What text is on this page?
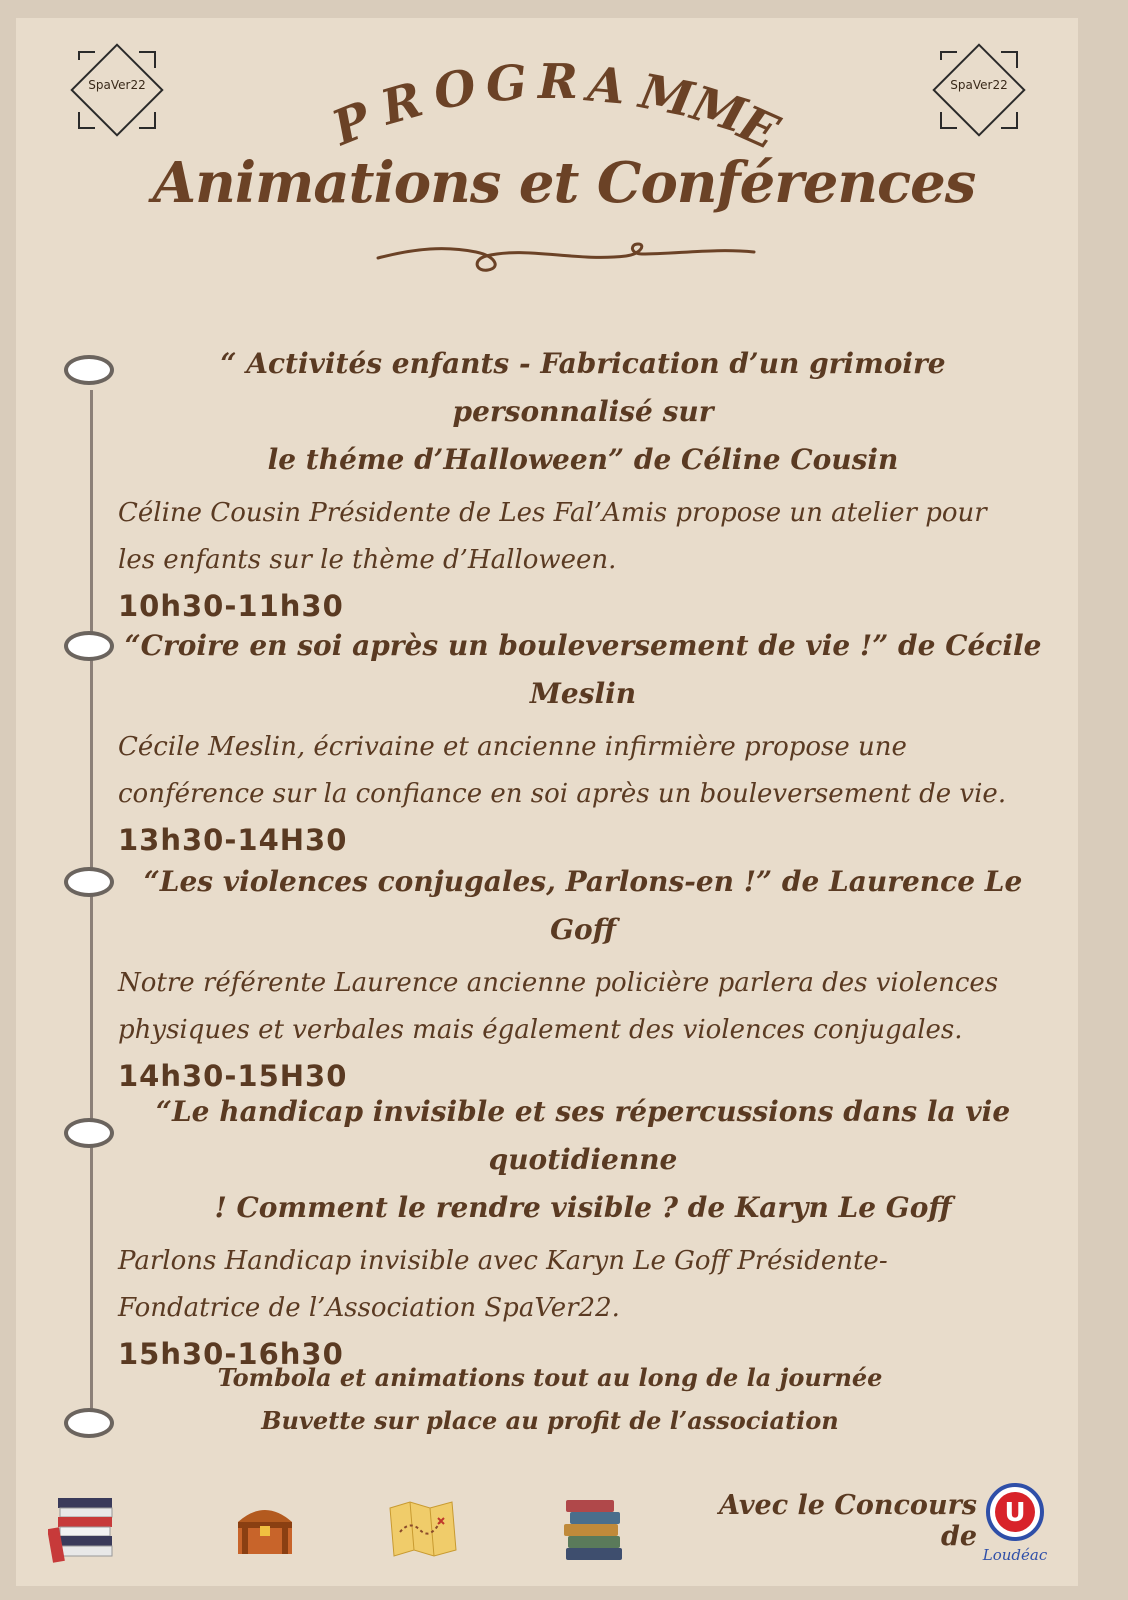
SpaVer22	SpaVer22
P
R O G R A M
M
E
Animations et Conférences
“ Activités enfants - Fabrication d’un grimoire personnalisé sur
le théme d’Halloween” de Céline Cousin
Céline Cousin Présidente de Les Fal’Amis propose un atelier pour
les enfants sur le thème d’Halloween.
10h30-11h30
“Croire en soi après un bouleversement de vie !” de Cécile Meslin
Cécile Meslin, écrivaine et ancienne infirmière propose une
conférence sur la confiance en soi après un bouleversement de vie.
13h30-14H30
“Les violences conjugales, Parlons-en !” de Laurence Le Goff
Notre référente Laurence ancienne policière parlera des violences
physiques et verbales mais également des violences conjugales.
14h30-15H30
“Le handicap invisible et ses répercussions dans la vie quotidienne
! Comment le rendre visible ? de Karyn Le Goff
Parlons Handicap invisible avec Karyn Le Goff Présidente-
Fondatrice de l’Association SpaVer22.
15h30-16h30
Tombola et animations tout au long de la journée
Buvette sur place au profit de l’association
Avec le Concours de
U
Loudéac
